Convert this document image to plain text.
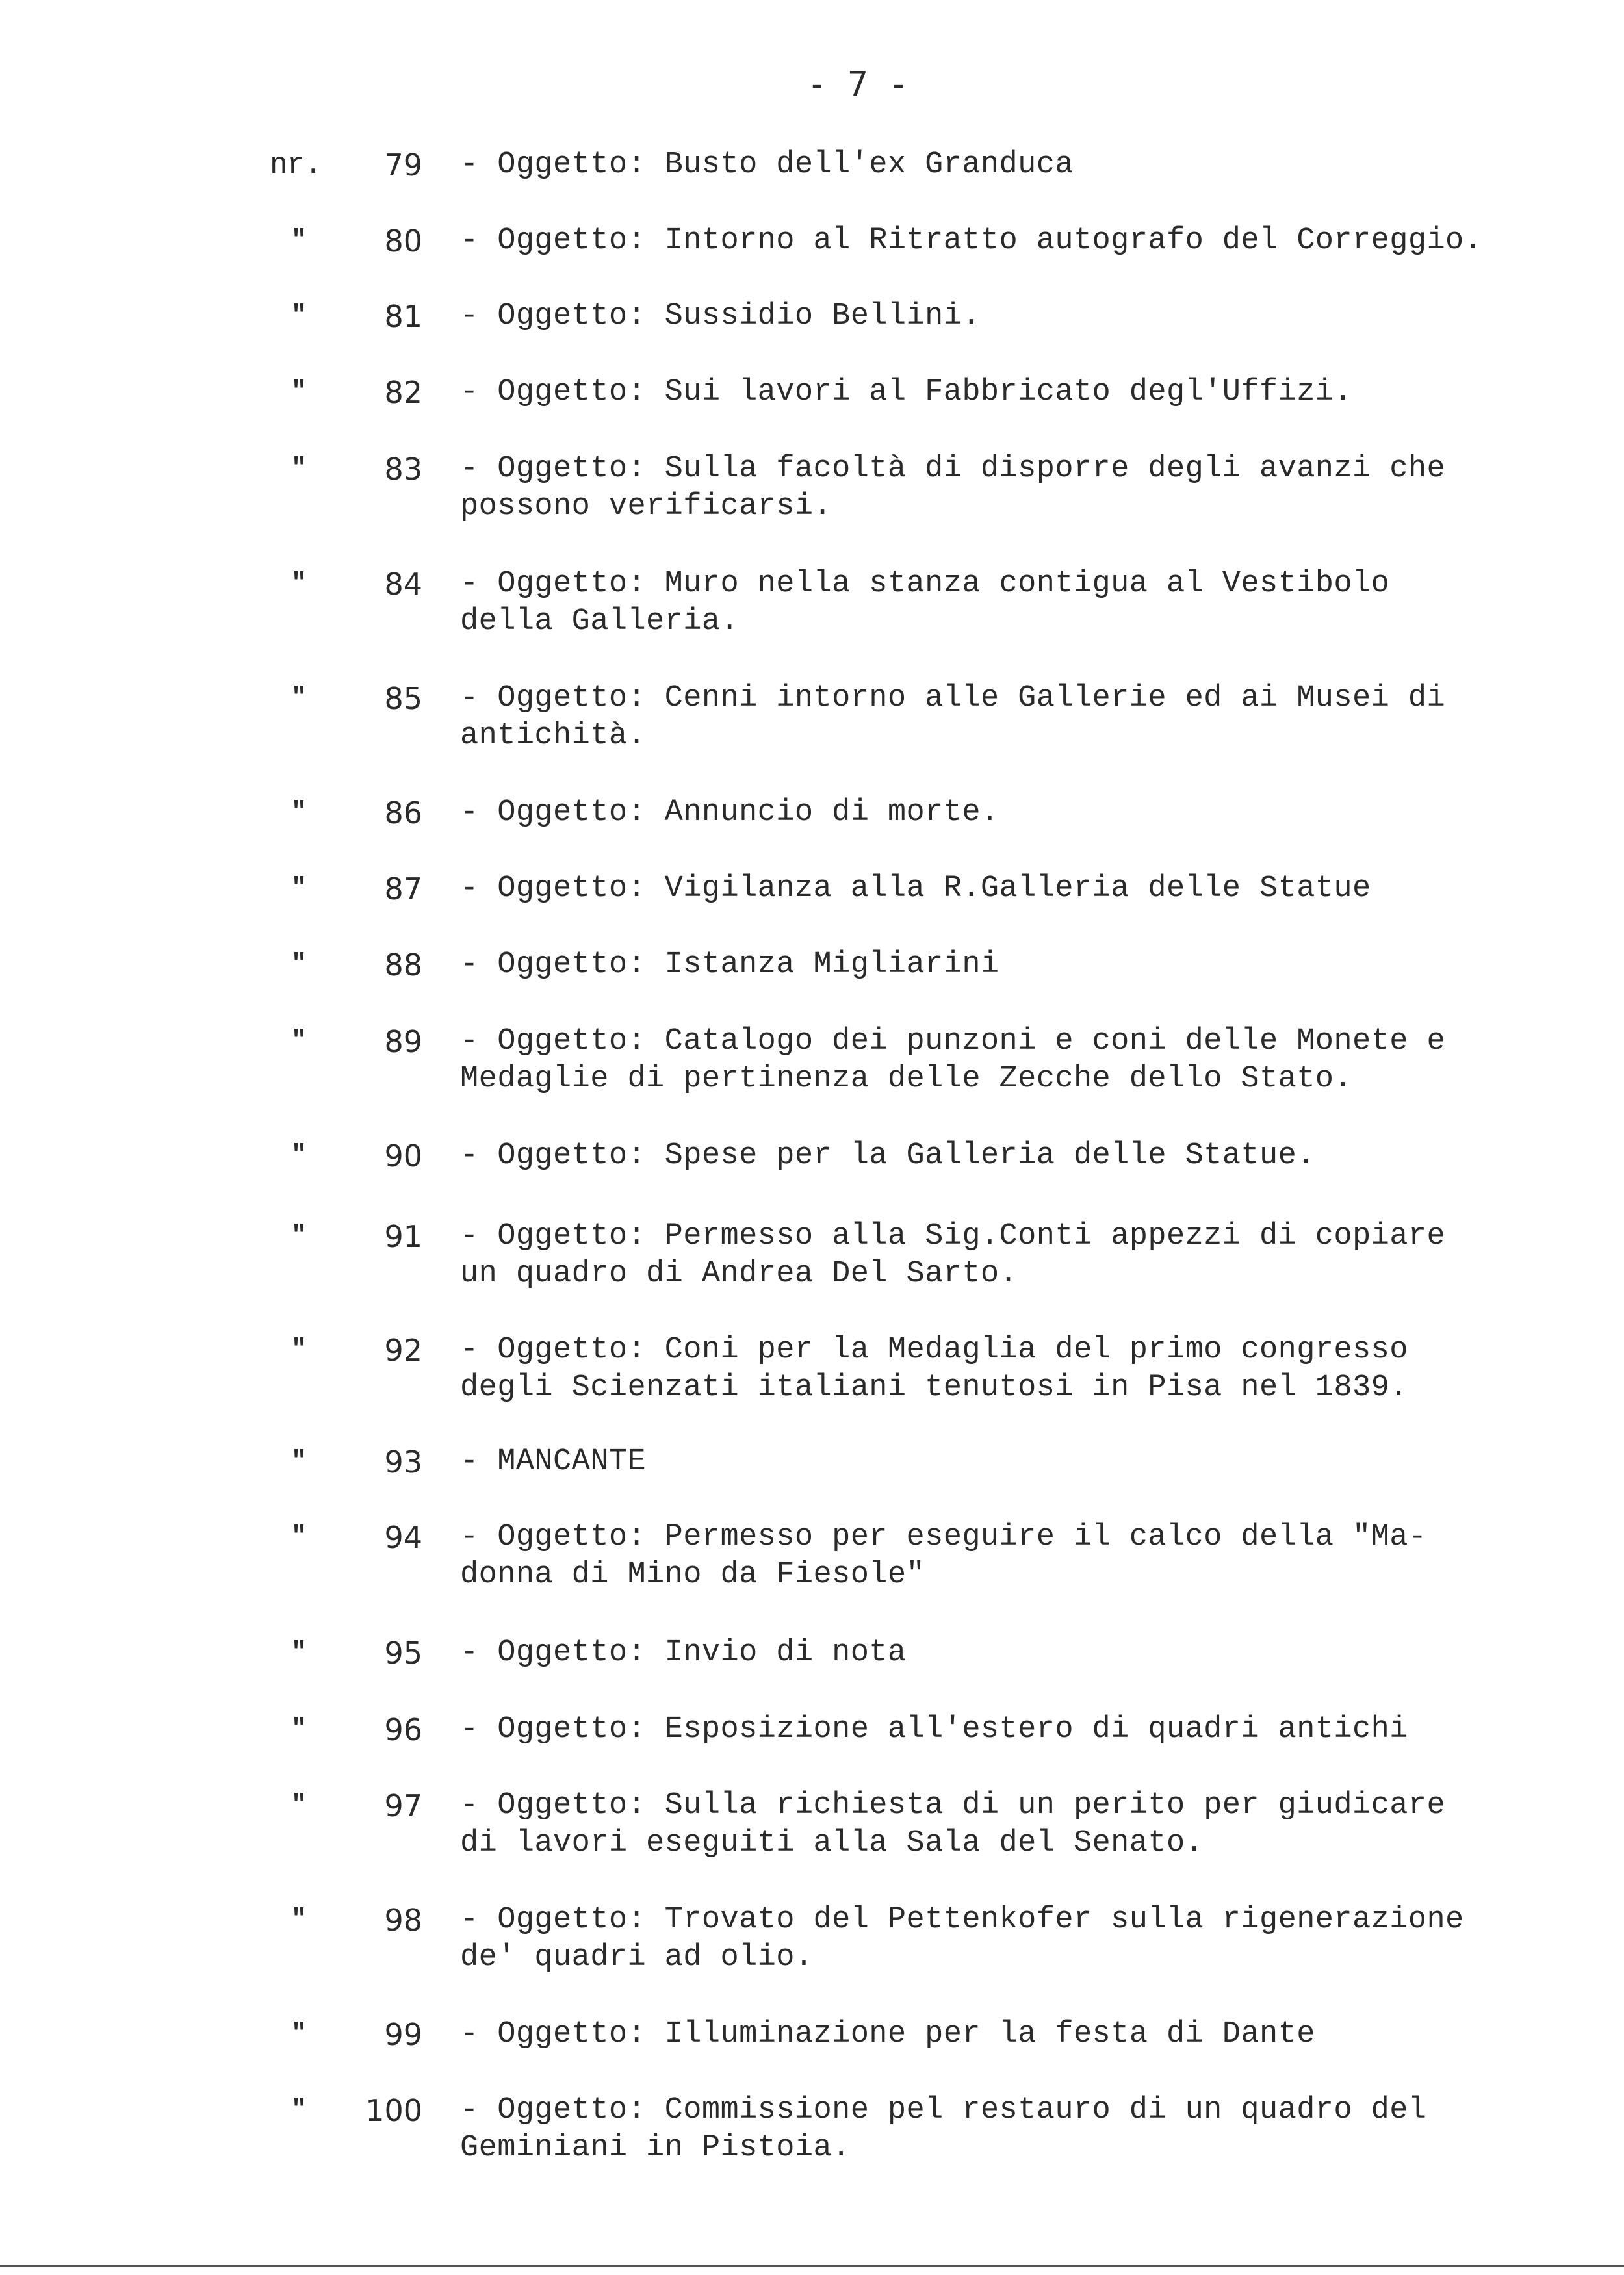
- 7 -
nr.	79 - Oggetto: Busto dell'ex Granduca
"	80 - Oggetto: Intorno al Ritratto autografo del Correggio.
"	81 - Oggetto: Sussidio Bellini.
"	82 - Oggetto: Sui lavori al Fabbricato degl'Uffizi.
"	83 - Oggetto: Sulla facoltà di disporre degli avanzi che
possono verificarsi.
"	84 - Oggetto: Muro nella stanza contigua al Vestibolo
della Galleria.
"	85 - Oggetto: Cenni intorno alle Gallerie ed ai Musei di
antichità.
"	86 - Oggetto: Annuncio di morte.
"	87 - Oggetto: Vigilanza alla R.Galleria delle Statue
"	88 - Oggetto: Istanza Migliarini
"	89 - Oggetto: Catalogo dei punzoni e coni delle Monete e
Medaglie di pertinenza delle Zecche dello Stato.
"	90 - Oggetto: Spese per la Galleria delle Statue.
"	91 - Oggetto: Permesso alla Sig.Conti appezzi di copiare
un quadro di Andrea Del Sarto.
"	92 - Oggetto: Coni per la Medaglia del primo congresso
degli Scienzati italiani tenutosi in Pisa nel 1839.
"	93 - MANCANTE
"	94 - Oggetto: Permesso per eseguire il calco della "Ma-
donna di Mino da Fiesole"
"	95 - Oggetto: Invio di nota
"	96 - Oggetto: Esposizione all'estero di quadri antichi
"	97 - Oggetto: Sulla richiesta di un perito per giudicare
di lavori eseguiti alla Sala del Senato.
"	98 - Oggetto: Trovato del Pettenkofer sulla rigenerazione
de' quadri ad olio.
"	99 - Oggetto: Illuminazione per la festa di Dante
"	100 - Oggetto: Commissione pel restauro di un quadro del
Geminiani in Pistoia.
